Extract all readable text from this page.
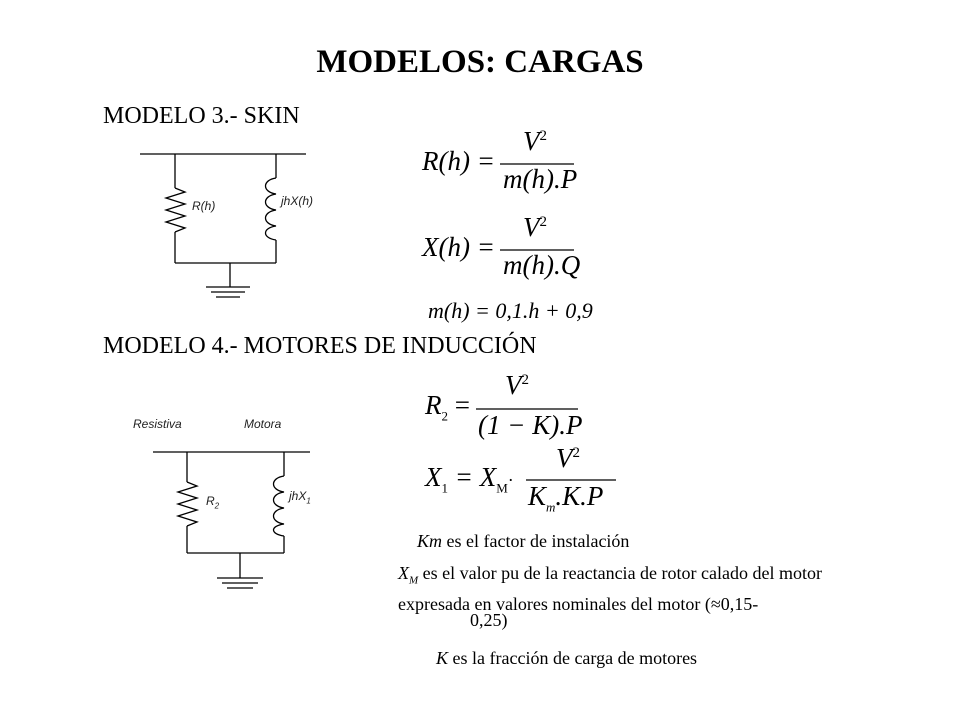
MODELOS: CARGAS
MODELO 3.- SKIN
R(h)	jhX(h)
R(h) =
$V^2$
m(h).P
X(h) =
$V^2$
m(h).Q
m(h) = 0,1.h + 0,9
MODELO 4.- MOTORES DE INDUCCIÓN
Resistiva	Motora
$R_2$
jhX$_1$
$R_2$ =
$V^2$
(1 − K).P
$X_1 = X_M\cdot$
$V^2$
$K_m.K.P$
Km es el factor de instalación
$X_M$ es el valor pu de la reactancia de rotor calado del motor expresada en valores nominales del motor (≈0,15-
0,25)
K es la fracción de carga de motores
